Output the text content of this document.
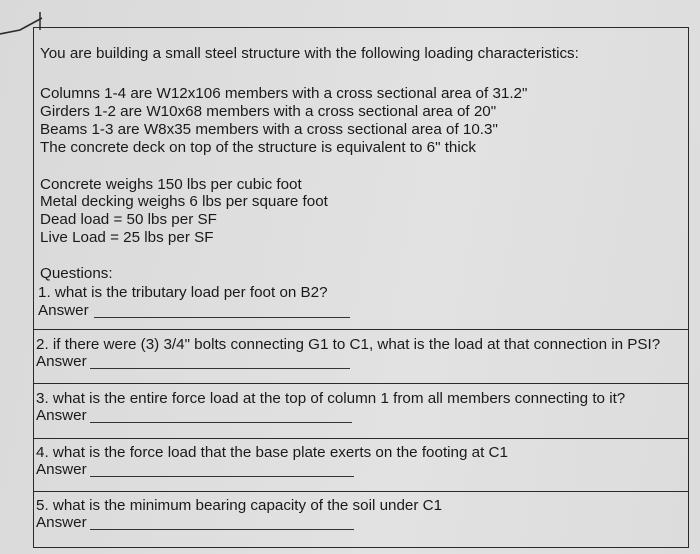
You are building a small steel structure with the following loading characteristics:
Columns 1-4 are W12x106 members with a cross sectional area of 31.2"
Girders 1-2 are W10x68 members with a cross sectional area of 20"
Beams 1-3 are W8x35 members with a cross sectional area of 10.3"
The concrete deck on top of the structure is equivalent to 6" thick
Concrete weighs 150 lbs per cubic foot
Metal decking weighs 6 lbs per square foot
Dead load = 50 lbs per SF
Live Load = 25 lbs per SF
Questions:
1. what is the tributary load per foot on B2?
Answer
2. if there were (3) 3/4" bolts connecting G1 to C1, what is the load at that connection in PSI?
Answer
3. what is the entire force load at the top of column 1 from all members connecting to it?
Answer
4. what is the force load that the base plate exerts on the footing at C1
Answer
5. what is the minimum bearing capacity of the soil under C1
Answer
